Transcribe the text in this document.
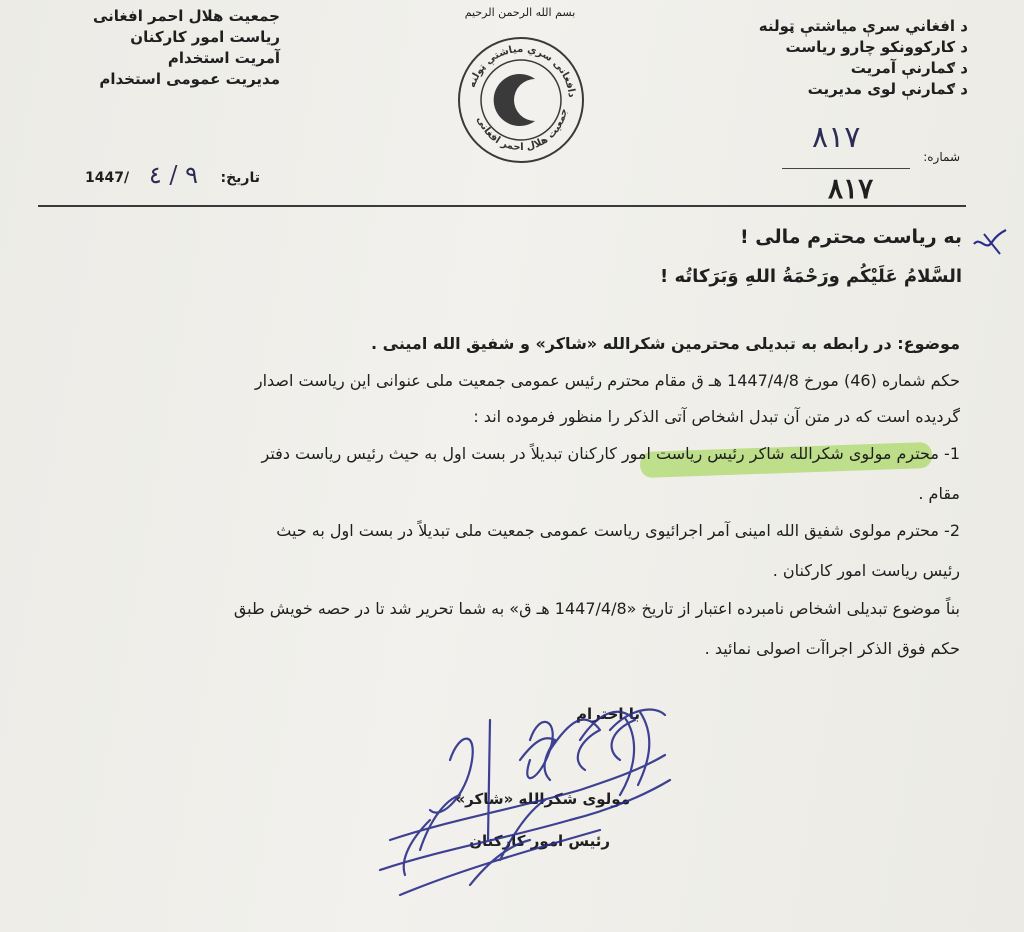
جمعیت هلال احمر افغانی
ریاست امور کارکنان
آمریت استخدام
مدیریت عمومی استخدام
بسم الله الرحمن الرحيم
دافغانی سري میاشتې ټولنه
جمعیت هلال احمر افغانی
د افغاني سرې میاشتې ټولنه
د کارکوونکو چارو ریاست
د ګمارنې آمریت
د ګمارنې لوی مدیریت
شماره:
٨١٧
٨١٧
تاریخ:
٩ / ٤
1447/
به ریاست محترم مالی !
السَّلامُ عَلَيْكُم ورَحْمَةُ اللهِ وَبَرَكاتُه !
موضوع: در رابطه به تبدیلی محترمین شکرالله «شاکر» و شفیق الله امینی .
حکم شماره (46) مورخ 1447/4/8 هـ ق مقام محترم رئیس عمومی جمعیت ملی عنوانی این ریاست اصدار
گردیده است که در متن آن تبدل اشخاص آتی الذکر را منظور فرموده اند :
1- محترم مولوی شکرالله شاکر رئیس ریاست امور کارکنان تبدیلاً در بست اول به حیث رئیس ریاست دفتر
مقام .
2- محترم مولوی شفیق الله امینی آمر اجرائیوی ریاست عمومی جمعیت ملی تبدیلاً در بست اول به حیث
رئیس ریاست امور کارکنان .
بناً موضوع تبدیلی اشخاص نامبرده اعتبار از تاریخ «1447/4/8 هـ ق» به شما تحریر شد تا در حصه خویش طبق
حکم فوق الذکر اجراآت اصولی نمائید .
با احترام
مولوی شکرالله «شاکر»
رئیس امور کارکنان
